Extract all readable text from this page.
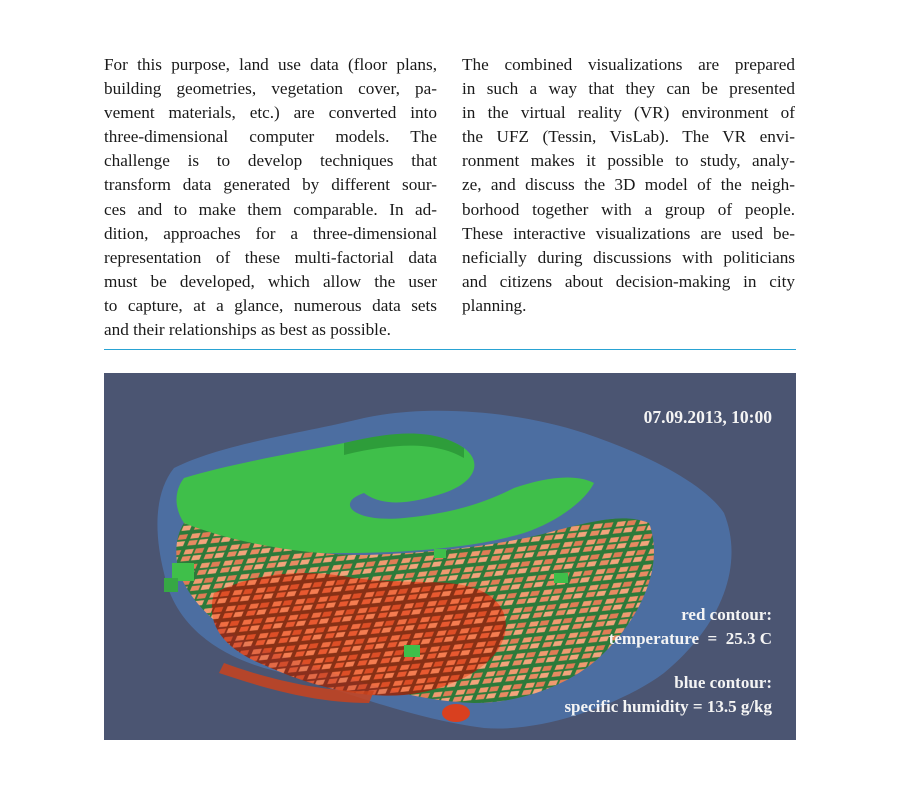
For this purpose, land use data (floor plans,
building geometries, vegetation cover, pa-
vement materials, etc.) are converted into
three-dimensional computer models. The
challenge is to develop techniques that
transform data generated by different sour-
ces and to make them comparable. In ad-
dition, approaches for a three-dimensional
representation of these multi-factorial data
must be developed, which allow the user
to capture, at a glance, numerous data sets
and their relationships as best as possible.
The combined visualizations are prepared
in such a way that they can be presented
in the virtual reality (VR) environment of
the UFZ (Tessin, VisLab). The VR envi-
ronment makes it possible to study, analy-
ze, and discuss the 3D model of the neigh-
borhood together with a group of people.
These interactive visualizations are used be-
neficially during discussions with politicians
and citizens about decision-making in city
planning.
07.09.2013, 10:00
red contour:
temperature  =  25.3 C
blue contour:
specific humidity = 13.5 g/kg
